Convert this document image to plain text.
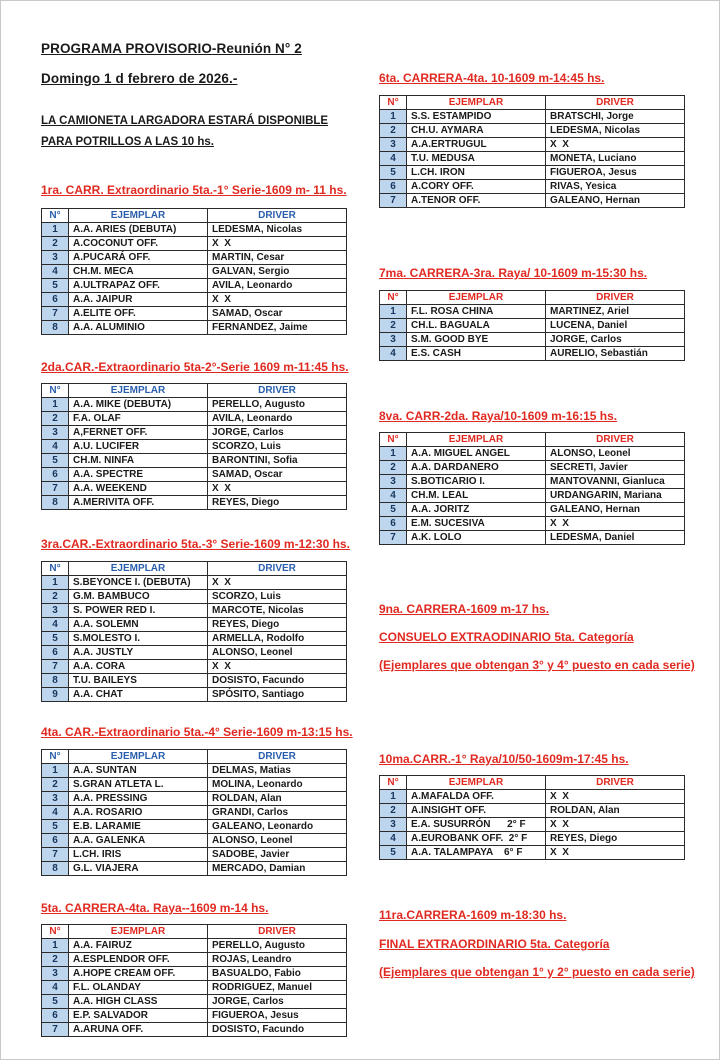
PROGRAMA PROVISORIO-Reunión N° 2
Domingo 1 d febrero de 2026.-
LA CAMIONETA LARGADORA ESTARÁ DISPONIBLE
PARA POTRILLOS A LAS 10 hs.
1ra. CARR. Extraordinario 5ta.-1° Serie-1609 m- 11 hs.
N°	EJEMPLAR	DRIVER
1	A.A. ARIES (DEBUTA)	LEDESMA, Nicolas
2	A.COCONUT OFF.	X  X
3	A.PUCARÁ OFF.	MARTIN, Cesar
4	CH.M. MECA	GALVAN, Sergio
5	A.ULTRAPAZ OFF.	AVILA, Leonardo
6	A.A. JAIPUR	X  X
7	A.ELITE OFF.	SAMAD, Oscar
8	A.A. ALUMINIO	FERNANDEZ, Jaime
2da.CAR.-Extraordinario 5ta-2°-Serie 1609 m-11:45 hs.
N°	EJEMPLAR	DRIVER
1	A.A. MIKE (DEBUTA)	PERELLO, Augusto
2	F.A. OLAF	AVILA, Leonardo
3	A,FERNET OFF.	JORGE, Carlos
4	A.U. LUCIFER	SCORZO, Luis
5	CH.M. NINFA	BARONTINI, Sofia
6	A.A. SPECTRE	SAMAD, Oscar
7	A.A. WEEKEND	X  X
8	A.MERIVITA OFF.	REYES, Diego
3ra.CAR.-Extraordinario 5ta.-3° Serie-1609 m-12:30 hs.
N°	EJEMPLAR	DRIVER
1	S.BEYONCE I. (DEBUTA)	X  X
2	G.M. BAMBUCO	SCORZO, Luis
3	S. POWER RED I.	MARCOTE, Nicolas
4	A.A. SOLEMN	REYES, Diego
5	S.MOLESTO I.	ARMELLA, Rodolfo
6	A.A. JUSTLY	ALONSO, Leonel
7	A.A. CORA	X  X
8	T.U. BAILEYS	DOSISTO, Facundo
9	A.A. CHAT	SPÓSITO, Santiago
4ta. CAR.-Extraordinario 5ta.-4° Serie-1609 m-13:15 hs.
N°	EJEMPLAR	DRIVER
1	A.A. SUNTAN	DELMAS, Matias
2	S.GRAN ATLETA L.	MOLINA, Leonardo
3	A.A. PRESSING	ROLDAN, Alan
4	A.A. ROSARIO	GRANDI, Carlos
5	E.B. LARAMIE	GALEANO, Leonardo
6	A.A. GALENKA	ALONSO, Leonel
7	L.CH. IRIS	SADOBE, Javier
8	G.L. VIAJERA	MERCADO, Damian
5ta. CARRERA-4ta. Raya--1609 m-14 hs.
N°	EJEMPLAR	DRIVER
1	A.A. FAIRUZ	PERELLO, Augusto
2	A.ESPLENDOR OFF.	ROJAS, Leandro
3	A.HOPE CREAM OFF.	BASUALDO, Fabio
4	F.L. OLANDAY	RODRIGUEZ, Manuel
5	A.A. HIGH CLASS	JORGE, Carlos
6	E.P. SALVADOR	FIGUEROA, Jesus
7	A.ARUNA OFF.	DOSISTO, Facundo
6ta. CARRERA-4ta. 10-1609 m-14:45 hs.
N°	EJEMPLAR	DRIVER
1	S.S. ESTAMPIDO	BRATSCHI, Jorge
2	CH.U. AYMARA	LEDESMA, Nicolas
3	A.A.ERTRUGUL	X  X
4	T.U. MEDUSA	MONETA, Luciano
5	L.CH. IRON	FIGUEROA, Jesus
6	A.CORY OFF.	RIVAS, Yesica
7	A.TENOR OFF.	GALEANO, Hernan
7ma. CARRERA-3ra. Raya/ 10-1609 m-15:30 hs.
N°	EJEMPLAR	DRIVER
1	F.L. ROSA CHINA	MARTINEZ, Ariel
2	CH.L. BAGUALA	LUCENA, Daniel
3	S.M. GOOD BYE	JORGE, Carlos
4	E.S. CASH	AURELIO, Sebastián
8va. CARR-2da. Raya/10-1609 m-16:15 hs.
N°	EJEMPLAR	DRIVER
1	A.A. MIGUEL ANGEL	ALONSO, Leonel
2	A.A. DARDANERO	SECRETI, Javier
3	S.BOTICARIO I.	MANTOVANNI, Gianluca
4	CH.M. LEAL	URDANGARIN, Mariana
5	A.A. JORITZ	GALEANO, Hernan
6	E.M. SUCESIVA	X  X
7	A.K. LOLO	LEDESMA, Daniel
9na. CARRERA-1609 m-17 hs.
CONSUELO EXTRAODINARIO 5ta. Categoría
(Ejemplares que obtengan 3° y 4° puesto en cada serie)
10ma.CARR.-1° Raya/10/50-1609m-17:45 hs.
N°	EJEMPLAR	DRIVER
1	A.MAFALDA OFF.	X  X
2	A.INSIGHT OFF.	ROLDAN, Alan
3	E.A. SUSURRÓN      2° F	X  X
4	A.EUROBANK OFF.  2° F	REYES, Diego
5	A.A. TALAMPAYA    6° F	X  X
11ra.CARRERA-1609 m-18:30 hs.
FINAL EXTRAORDINARIO 5ta. Categoría
(Ejemplares que obtengan 1° y 2° puesto en cada serie)
